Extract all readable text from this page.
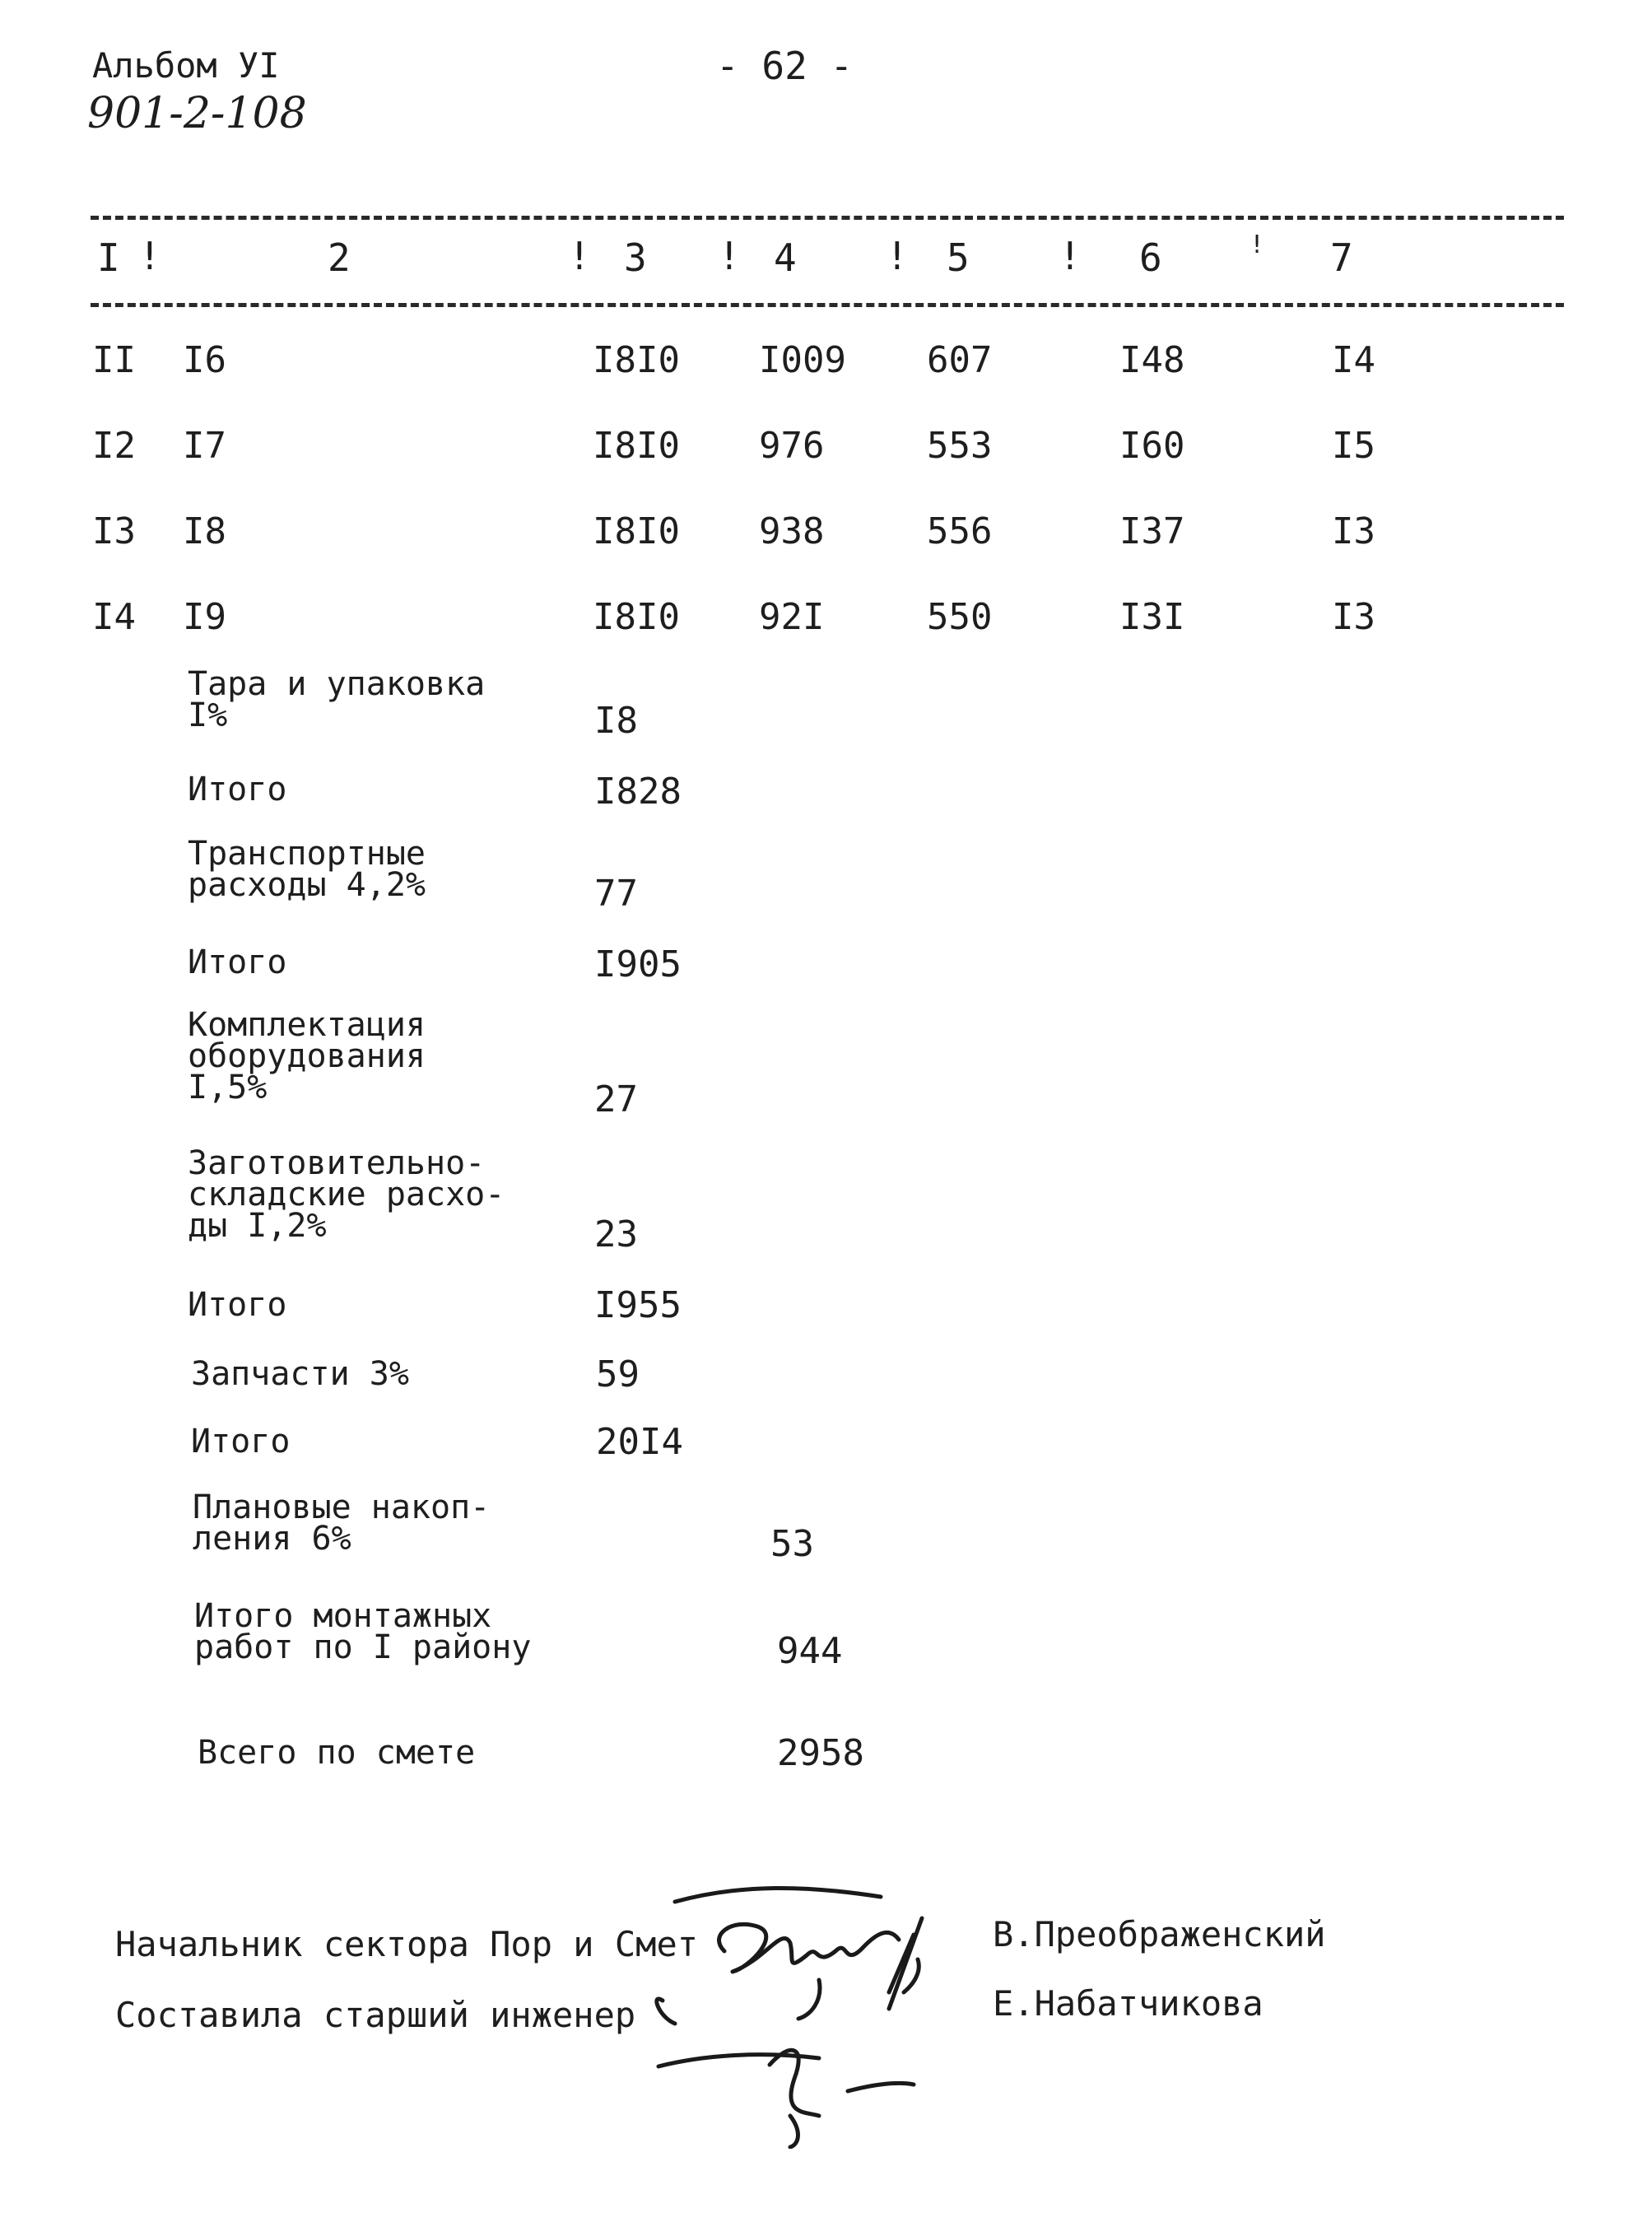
Альбом УI
901-2-108
- 62 -
I !	2	! 3 ! 4 ! 5 ! 6	! 7
II I6	I8I0 I009 607	I48	I4
I2 I7	I8I0 976	553	I60	I5
I3 I8	I8I0 938	556	I37	I3
I4 I9	I8I0 92I	550	I3I	I3
Тара и упаковка
I%	I8
Итого	I828
Транспортные
расходы 4,2%	77
Итого	I905
Комплектация
оборудования
I,5%	27
Заготовительно-
складские расхо-
ды I,2%	23
Итого	I955
Запчасти 3%	59
Итого	20I4
Плановые накоп-
ления 6%	53
Итого монтажных
работ по I району	944
Всего по смете	2958
Начальник сектора Пор и Смет	В.Преображенский
Составила старший инженер	Е.Набатчикова
